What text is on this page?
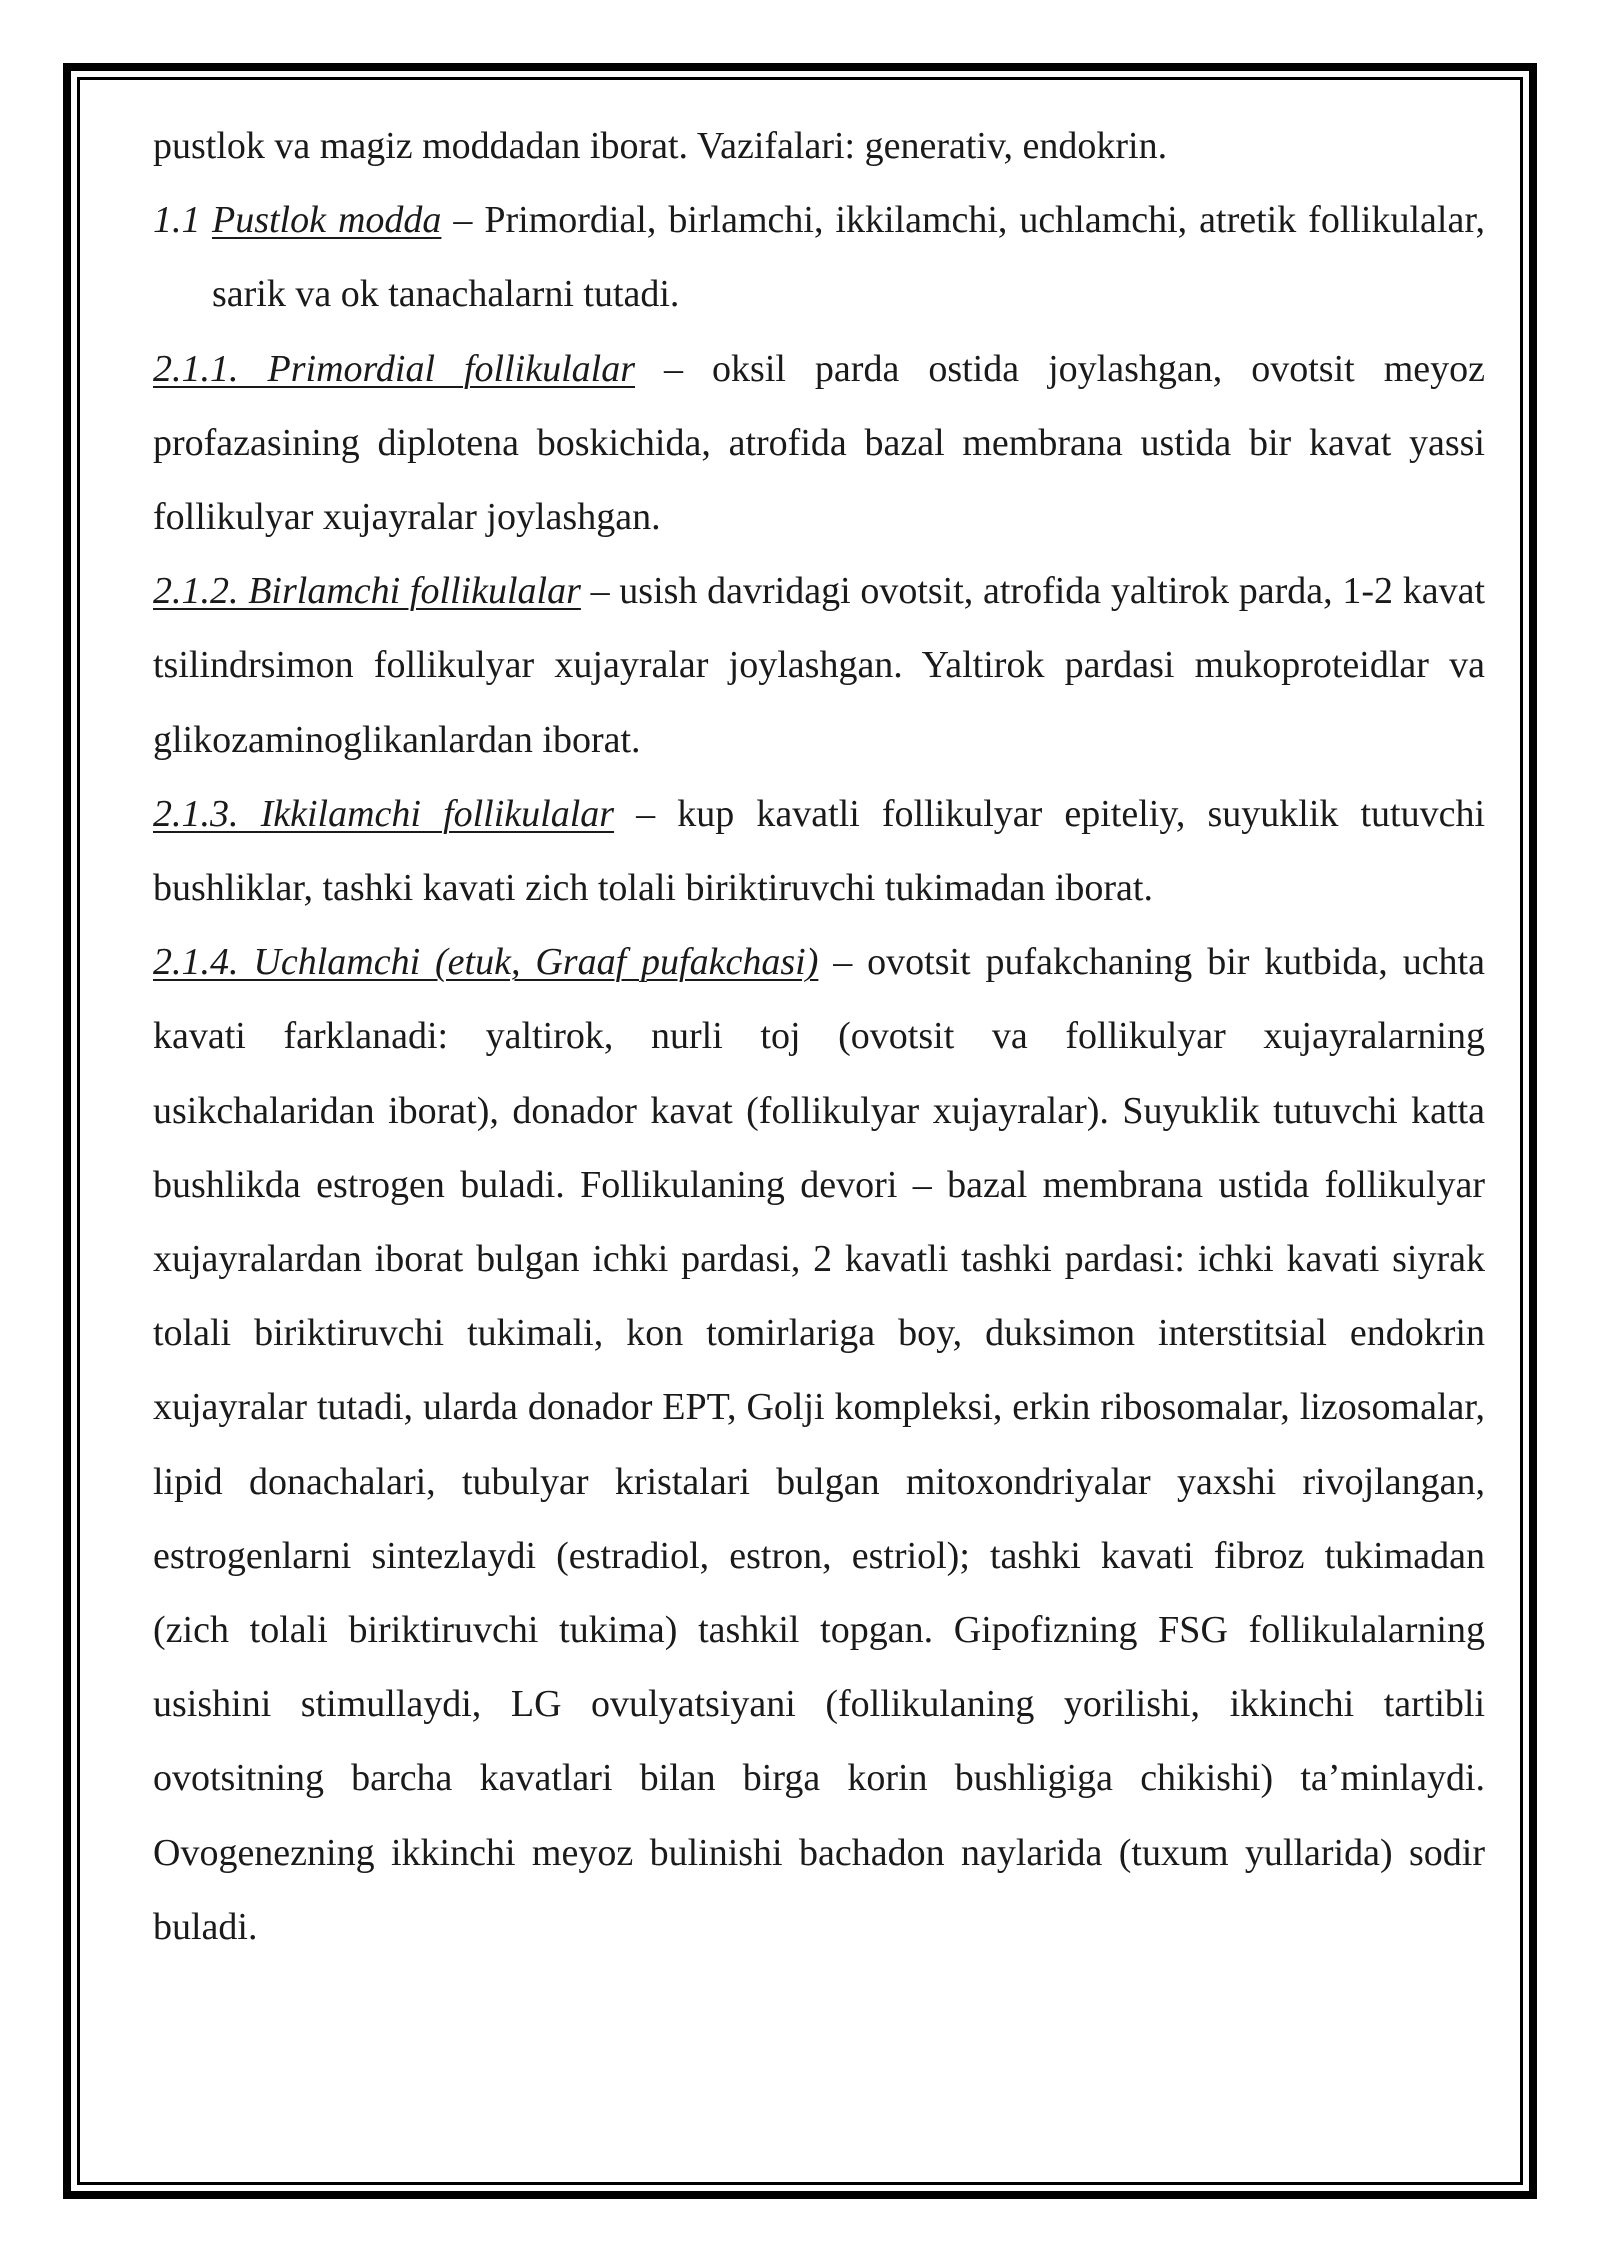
pustlok va magiz moddadan iborat. Vazifalari: generativ, endokrin.

1.1 Pustlok modda – Primordial, birlamchi, ikkilamchi, uchlamchi, atretik follikulalar, sarik va ok tanachalarni tutadi.

2.1.1. Primordial follikulalar – oksil parda ostida joylashgan, ovotsit meyoz profazasining diplotena boskichida, atrofida bazal membrana ustida bir kavat yassi follikulyar xujayralar joylashgan.

2.1.2. Birlamchi follikulalar – usish davridagi ovotsit, atrofida yaltirok parda, 1-2 kavat tsilindrsimon follikulyar xujayralar joylashgan. Yaltirok pardasi mukoproteidlar va glikozaminoglikanlardan iborat.

2.1.3. Ikkilamchi follikulalar – kup kavatli follikulyar epiteliy, suyuklik tutuvchi bushliklar, tashki kavati zich tolali biriktiruvchi tukimadan iborat.

2.1.4. Uchlamchi (etuk, Graaf pufakchasi) – ovotsit pufakchaning bir kutbida, uchta kavati farklanadi: yaltirok, nurli toj (ovotsit va follikulyar xujayralarning usikchalaridan iborat), donador kavat (follikulyar xujayralar). Suyuklik tutuvchi katta bushlikda estrogen buladi. Follikulaning devori – bazal membrana ustida follikulyar xujayralardan iborat bulgan ichki pardasi, 2 kavatli tashki pardasi: ichki kavati siyrak tolali biriktiruvchi tukimali, kon tomirlariga boy, duksimon interstitsial endokrin xujayralar tutadi, ularda donador EPT, Golji kompleksi, erkin ribosomalar, lizosomalar, lipid donachalari, tubulyar kristalari bulgan mitoxondriyalar yaxshi rivojlangan, estrogenlarni sintezlaydi (estradiol, estron, estriol); tashki kavati fibroz tukimadan (zich tolali biriktiruvchi tukima) tashkil topgan. Gipofizning FSG follikulalarning usishini stimullaydi, LG ovulyatsiyani (follikulaning yorilishi, ikkinchi tartibli ovotsitning barcha kavatlari bilan birga korin bushligiga chikishi) ta’minlaydi. Ovogenezning ikkinchi meyoz bulinishi bachadon naylarida (tuxum yullarida) sodir buladi.
